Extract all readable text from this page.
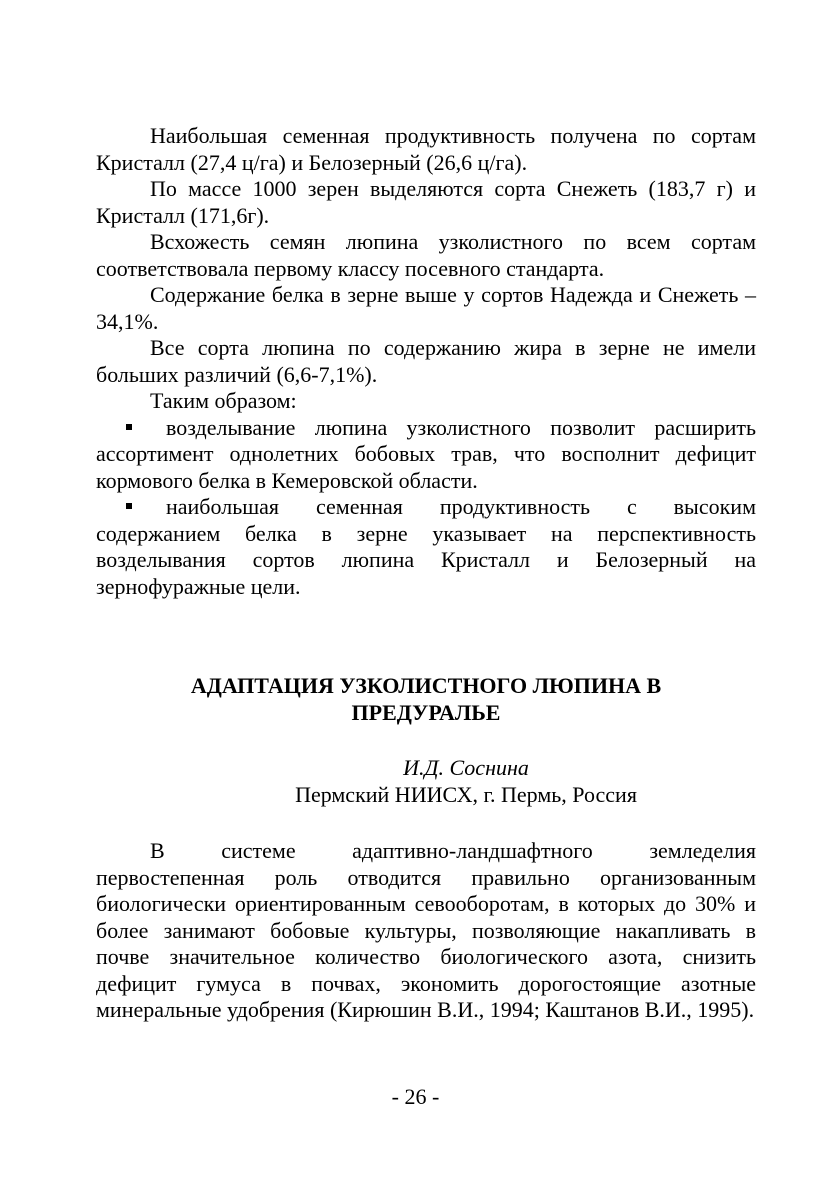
Наибольшая семенная продуктивность получена по сортам Кристалл (27,4 ц/га) и Белозерный (26,6 ц/га).

По массе 1000 зерен выделяются сорта Снежеть (183,7 г) и Кристалл (171,6г).

Всхожесть семян люпина узколистного по всем сортам соответствовала первому классу посевного стандарта.

Содержание белка в зерне выше у сортов Надежда и Снежеть – 34,1%.

Все сорта люпина по содержанию жира в зерне не имели больших различий (6,6-7,1%).

Таким образом:

возделывание люпина узколистного позволит расширить ассортимент однолетних бобовых трав, что восполнит дефицит кормового белка в Кемеровской области.
наибольшая семенная продуктивность с высоким содержанием белка в зерне указывает на перспективность возделывания сортов люпина Кристалл и Белозерный на зернофуражные цели.
АДАПТАЦИЯ УЗКОЛИСТНОГО ЛЮПИНА В
ПРЕДУРАЛЬЕ
И.Д. Соснина
Пермский НИИСХ, г. Пермь, Россия

В системе адаптивно-ландшафтного земледелия первостепенная роль отводится правильно организованным биологически ориентированным севооборотам, в которых до 30% и более занимают бобовые культуры, позволяющие накапливать в почве значительное количество биологического азота, снизить дефицит гумуса в почвах, экономить дорогостоящие азотные минеральные удобрения (Кирюшин В.И., 1994; Каштанов В.И., 1995).

- 26 -
